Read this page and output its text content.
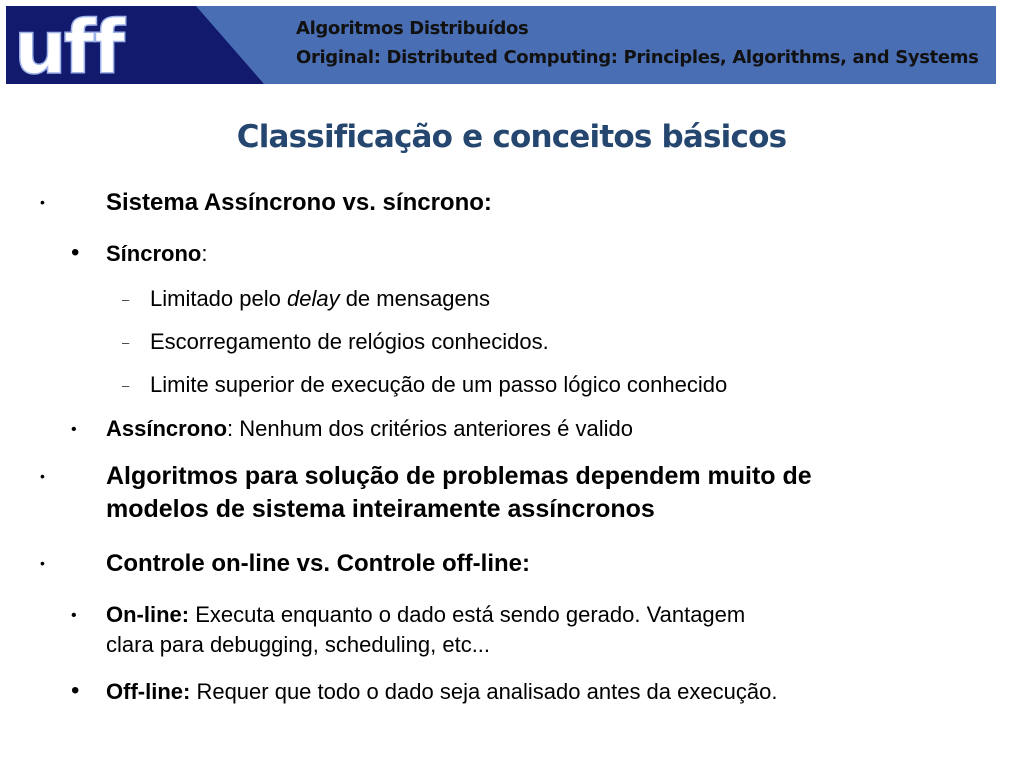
uff	Algoritmos Distribuídos
Original: Distributed Computing: Principles, Algorithms, and Systems
Classificação e conceitos básicos
•	Sistema Assíncrono vs. síncrono:
• Síncrono:
– Limitado pelo delay de mensagens
– Escorregamento de relógios conhecidos.
– Limite superior de execução de um passo lógico conhecido
• Assíncrono: Nenhum dos critérios anteriores é valido
• Algoritmos para solução de problemas dependem muito de
modelos de sistema inteiramente assíncronos
•	Controle on-line vs. Controle off-line:
• On-line: Executa enquanto o dado está sendo gerado. Vantagem
clara para debugging, scheduling, etc...
• Off-line: Requer que todo o dado seja analisado antes da execução.
